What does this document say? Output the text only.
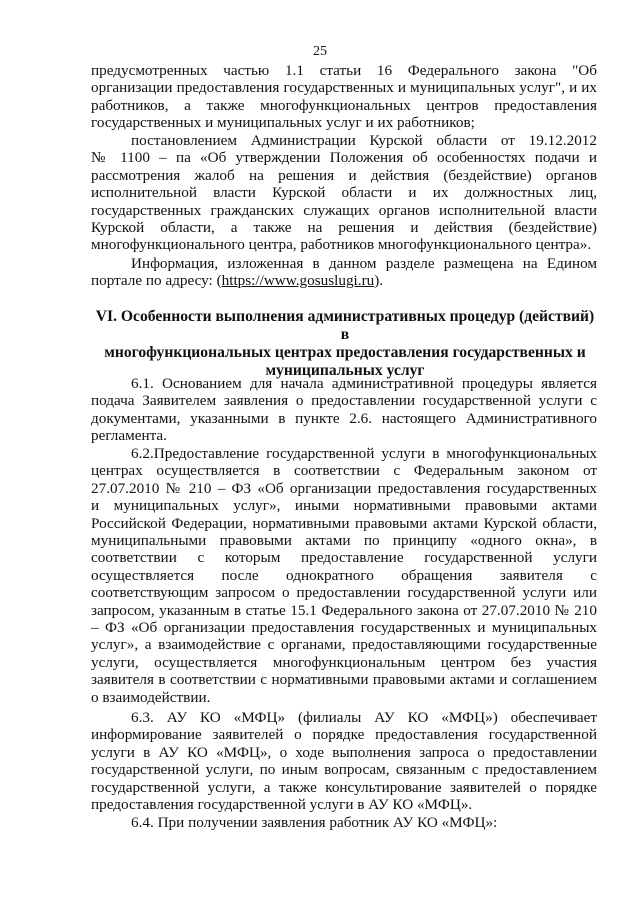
25
предусмотренных частью 1.1 статьи 16 Федерального закона "Об
организации предоставления государственных и муниципальных услуг", и их
работников, а также многофункциональных центров предоставления
государственных и муниципальных услуг и их работников;
постановлением Администрации Курской области от 19.12.2012
№ 1100 – па «Об утверждении Положения об особенностях подачи и
рассмотрения жалоб на решения и действия (бездействие) органов
исполнительной власти Курской области и их должностных лиц,
государственных гражданских служащих органов исполнительной власти
Курской области, а также на решения и действия (бездействие)
многофункционального центра, работников многофункционального центра».
Информация, изложенная в данном разделе размещена на Едином
портале по адресу: (https://www.gosuslugi.ru).
VI. Особенности выполнения административных процедур (действий) в
многофункциональных центрах предоставления государственных и
муниципальных услуг
6.1. Основанием для начала административной процедуры является
подача Заявителем заявления о предоставлении государственной услуги с
документами, указанными в пункте 2.6. настоящего Административного
регламента.
6.2.Предоставление государственной услуги в многофункциональных
центрах осуществляется в соответствии с Федеральным законом от
27.07.2010 № 210 – ФЗ «Об организации предоставления государственных
и муниципальных услуг», иными нормативными правовыми актами
Российской Федерации, нормативными правовыми актами Курской области,
муниципальными правовыми актами по принципу «одного окна», в
соответствии с которым предоставление государственной услуги
осуществляется после однократного обращения заявителя с
соответствующим запросом о предоставлении государственной услуги или
запросом, указанным в статье 15.1 Федерального закона от 27.07.2010 № 210
– ФЗ «Об организации предоставления государственных и муниципальных
услуг», а взаимодействие с органами, предоставляющими государственные
услуги, осуществляется многофункциональным центром без участия
заявителя в соответствии с нормативными правовыми актами и соглашением
о взаимодействии.
6.3. АУ КО «МФЦ» (филиалы АУ КО «МФЦ») обеспечивает
информирование заявителей о порядке предоставления государственной
услуги в АУ КО «МФЦ», о ходе выполнения запроса о предоставлении
государственной услуги, по иным вопросам, связанным с предоставлением
государственной услуги, а также консультирование заявителей о порядке
предоставления государственной услуги в АУ КО «МФЦ».
6.4. При получении заявления работник АУ КО «МФЦ»:
